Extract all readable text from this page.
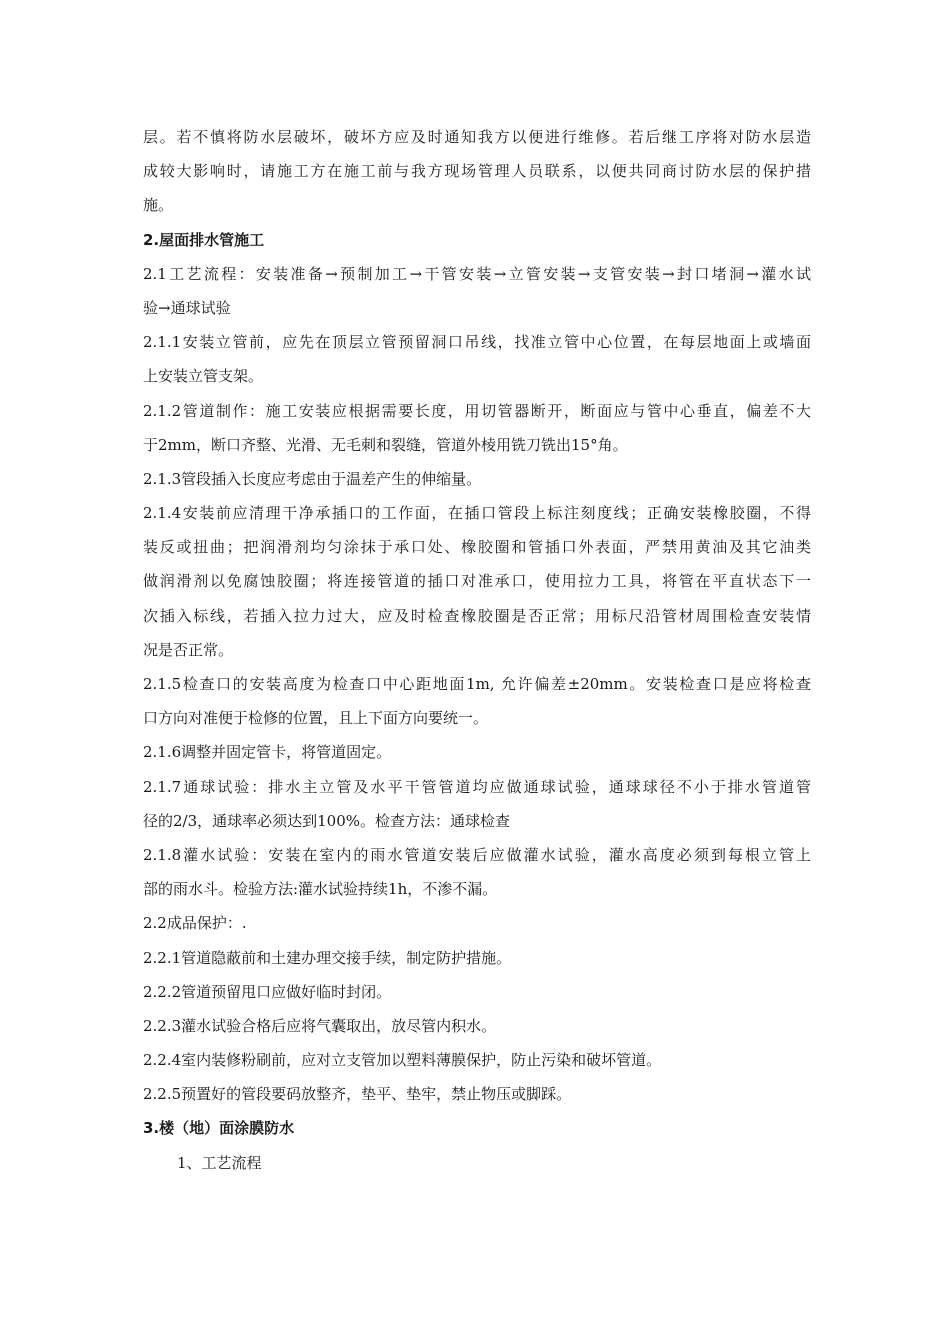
层。若不慎将防水层破坏，破坏方应及时通知我方以便进行维修。若后继工序将对防水层造
成较大影响时，请施工方在施工前与我方现场管理人员联系，以便共同商讨防水层的保护措
施。
2.屋面排水管施工
2.1工艺流程：安装准备→预制加工→干管安装→立管安装→支管安装→封口堵洞→灌水试
验→通球试验
2.1.1安装立管前，应先在顶层立管预留洞口吊线，找准立管中心位置，在每层地面上或墙面
上安装立管支架。
2.1.2管道制作：施工安装应根据需要长度，用切管器断开，断面应与管中心垂直，偏差不大
于2mm，断口齐整、光滑、无毛刺和裂缝，管道外棱用铣刀铣出15°角。
2.1.3管段插入长度应考虑由于温差产生的伸缩量。
2.1.4安装前应清理干净承插口的工作面，在插口管段上标注刻度线；正确安装橡胶圈，不得
装反或扭曲；把润滑剂均匀涂抹于承口处、橡胶圈和管插口外表面，严禁用黄油及其它油类
做润滑剂以免腐蚀胶圈；将连接管道的插口对准承口，使用拉力工具，将管在平直状态下一
次插入标线，若插入拉力过大，应及时检查橡胶圈是否正常；用标尺沿管材周围检查安装情
况是否正常。
2.1.5检查口的安装高度为检查口中心距地面1m, 允许偏差±20mm。安装检查口是应将检查
口方向对准便于检修的位置，且上下面方向要统一。
2.1.6调整并固定管卡，将管道固定。
2.1.7通球试验：排水主立管及水平干管管道均应做通球试验，通球球径不小于排水管道管
径的2/3，通球率必须达到100%。检查方法：通球检查
2.1.8灌水试验：安装在室内的雨水管道安装后应做灌水试验，灌水高度必须到每根立管上
部的雨水斗。检验方法:灌水试验持续1h，不渗不漏。
2.2成品保护：.
2.2.1管道隐蔽前和土建办理交接手续，制定防护措施。
2.2.2管道预留甩口应做好临时封闭。
2.2.3灌水试验合格后应将气囊取出，放尽管内积水。
2.2.4室内装修粉刷前，应对立支管加以塑料薄膜保护，防止污染和破坏管道。
2.2.5预置好的管段要码放整齐，垫平、垫牢，禁止物压或脚踩。
3.楼（地）面涂膜防水
1、工艺流程
